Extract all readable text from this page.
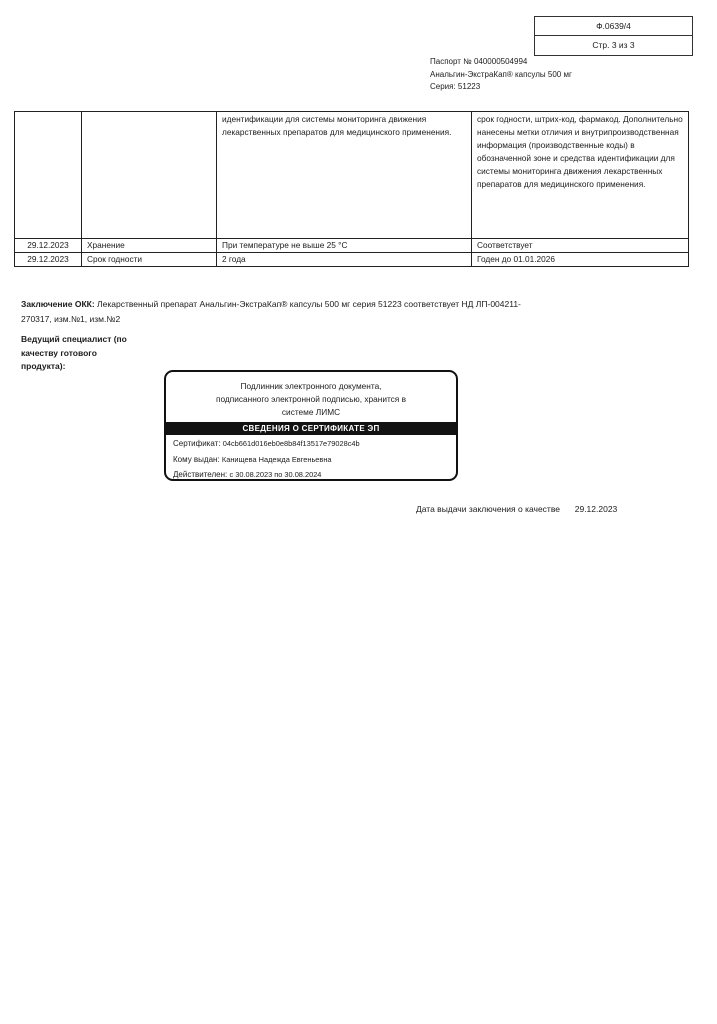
Ф.0639/4
Стр. 3 из 3
Паспорт № 040000504994
Анальгин-ЭкстраКап® капсулы 500 мг
Серия: 51223
		идентификации для системы мониторинга движения лекарственных препаратов для медицинского применения.	срок годности, штрих-код, фармакод. Дополнительно нанесены метки отличия и внутрипроизводственная информация (производственные коды) в обозначенной зоне и средства идентификации для системы мониторинга движения лекарственных препаратов для медицинского применения.
29.12.2023	Хранение	При температуре не выше 25 °С	Соответствует
29.12.2023	Срок годности	2 года	Годен до 01.01.2026
Заключение ОКК: Лекарственный препарат Анальгин-ЭкстраКап® капсулы 500 мг серия 51223 соответствует НД ЛП-004211-270317, изм.№1, изм.№2
Ведущий специалист (по качеству готового продукта):
Подлинник электронного документа,
подписанного электронной подписью, хранится в
системе ЛИМС
СВЕДЕНИЯ О СЕРТИФИКАТЕ ЭП
Сертификат: 04cb661d016eb0e8b84f13517e79028c4b
Кому выдан: Канищева Надежда Евгеньевна
Действителен: с 30.08.2023 по 30.08.2024
Дата выдачи заключения о качестве 29.12.2023
